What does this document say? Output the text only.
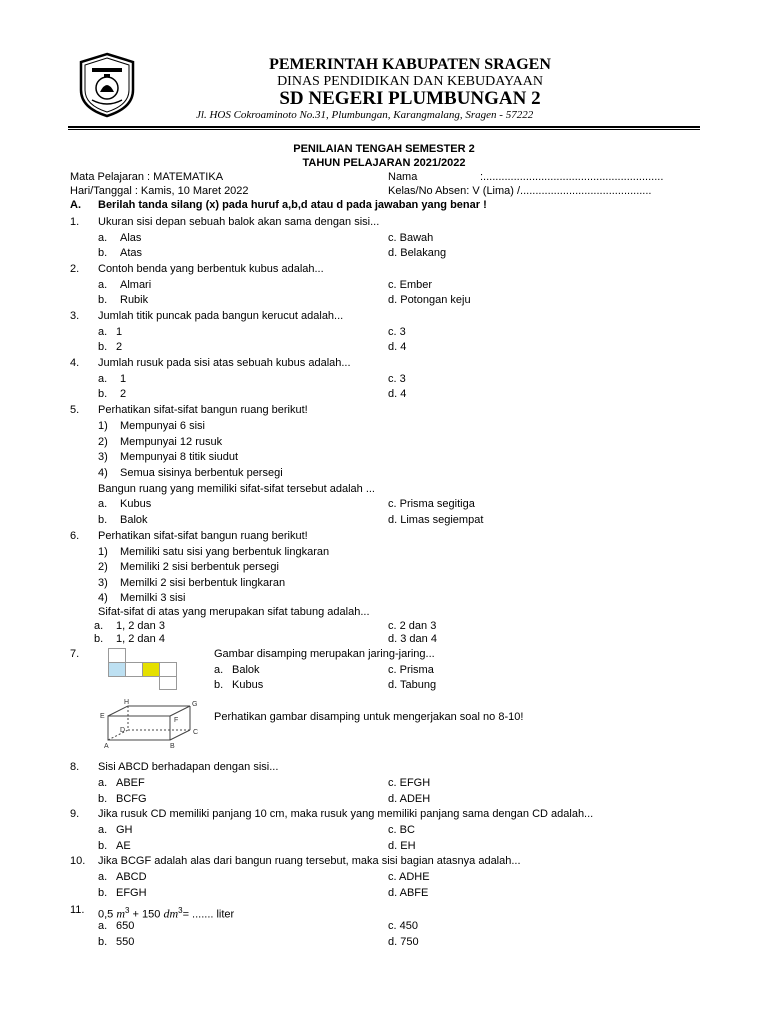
PEMERINTAH KABUPATEN SRAGEN
DINAS PENDIDIKAN DAN KEBUDAYAAN
SD NEGERI PLUMBUNGAN 2
Jl. HOS Cokroaminoto No.31, Plumbungan, Karangmalang, Sragen - 57222
PENILAIAN TENGAH SEMESTER 2
TAHUN PELAJARAN 2021/2022
Mata Pelajaran : MATEMATIKA
Hari/Tanggal : Kamis, 10 Maret 2022
Nama	:...........................................................
Kelas/No Absen: V (Lima) /...........................................
A. Berilah tanda silang (x) pada huruf a,b,d atau d pada jawaban yang benar !
1. Ukuran sisi depan sebuah balok akan sama dengan sisi...
a. Alas	c. Bawah
b. Atas	d. Belakang
2. Contoh benda yang berbentuk kubus adalah...
a. Almari	c. Ember
b. Rubik	d. Potongan keju
3. Jumlah titik puncak pada bangun kerucut adalah...
a. 1	c. 3
b. 2	d. 4
4. Jumlah rusuk pada sisi atas sebuah kubus adalah...
a. 1	c. 3
b. 2	d. 4
5. Perhatikan sifat-sifat bangun ruang berikut!
1) Mempunyai 6 sisi
2) Mempunyai 12 rusuk
3) Mempunyai 8 titik siudut
4) Semua sisinya berbentuk persegi
Bangun ruang yang memiliki sifat-sifat tersebut adalah ...
a. Kubus	c. Prisma segitiga
b. Balok	d. Limas segiempat
6. Perhatikan sifat-sifat bangun ruang berikut!
1) Memiliki satu sisi yang berbentuk lingkaran
2) Memiliki 2 sisi berbentuk persegi
3) Memilki 2 sisi berbentuk lingkaran
4) Memilki 3 sisi
Sifat-sifat di atas yang merupakan sifat tabung adalah...
a. 1, 2 dan 3	c. 2 dan 3
b. 1, 2 dan 4	d. 3 dan 4
7.	Gambar disamping merupakan jaring-jaring...
a. Balok	c. Prisma
b. Kubus	d. Tabung
A	B
C
D
E
F
G
H
Perhatikan gambar disamping untuk mengerjakan soal no 8-10!
8. Sisi ABCD berhadapan dengan sisi...
a. ABEF	c. EFGH
b. BCFG	d. ADEH
9. Jika rusuk CD memiliki panjang 10 cm, maka rusuk yang memiliki panjang sama dengan CD adalah...
a. GH	c. BC
b. AE	d. EH
10. Jika BCGF adalah alas dari bangun ruang tersebut, maka sisi bagian atasnya adalah...
a. ABCD	c. ADHE
b. EFGH	d. ABFE
11. 0,5 $m^3 + 150$ $dm^3=$ ....... liter
a. 650	c. 450
b. 550	d. 750
